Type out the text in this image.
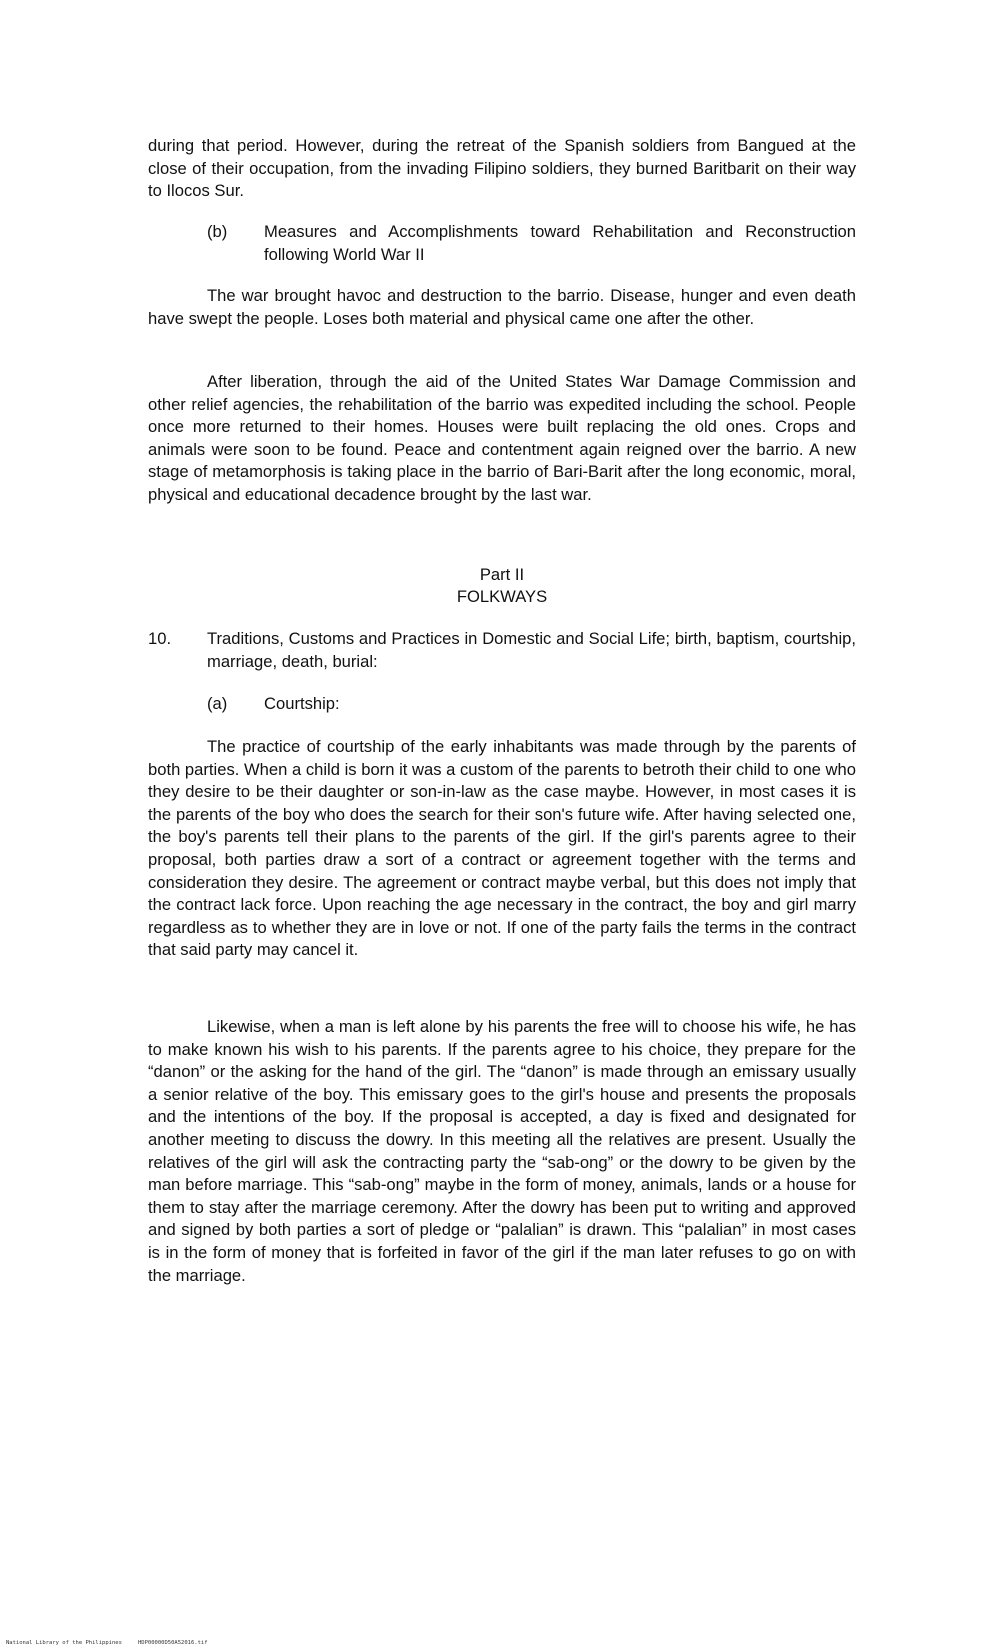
during that period. However, during the retreat of the Spanish soldiers from Bangued at the close of their occupation, from the invading Filipino soldiers, they burned Baritbarit on their way to Ilocos Sur.

(b)	Measures and Accomplishments toward Rehabilitation and Reconstruction following World War II

The war brought havoc and destruction to the barrio. Disease, hunger and even death have swept the people. Loses both material and physical came one after the other.

After liberation, through the aid of the United States War Damage Commission and other relief agencies, the rehabilitation of the barrio was expedited including the school. People once more returned to their homes. Houses were built replacing the old ones. Crops and animals were soon to be found. Peace and contentment again reigned over the barrio. A new stage of metamorphosis is taking place in the barrio of Bari-Barit after the long economic, moral, physical and educational decadence brought by the last war.

Part II
FOLKWAYS
10.	Traditions, Customs and Practices in Domestic and Social Life; birth, baptism, courtship, marriage, death, burial:
(a)	Courtship:

The practice of courtship of the early inhabitants was made through by the parents of both parties. When a child is born it was a custom of the parents to betroth their child to one who they desire to be their daughter or son-in-law as the case maybe. However, in most cases it is the parents of the boy who does the search for their son's future wife. After having selected one, the boy's parents tell their plans to the parents of the girl. If the girl's parents agree to their proposal, both parties draw a sort of a contract or agreement together with the terms and consideration they desire. The agreement or contract maybe verbal, but this does not imply that the contract lack force. Upon reaching the age necessary in the contract, the boy and girl marry regardless as to whether they are in love or not. If one of the party fails the terms in the contract that said party may cancel it.

Likewise, when a man is left alone by his parents the free will to choose his wife, he has to make known his wish to his parents. If the parents agree to his choice, they prepare for the “danon” or the asking for the hand of the girl. The “danon” is made through an emissary usually a senior relative of the boy. This emissary goes to the girl's house and presents the proposals and the intentions of the boy. If the proposal is accepted, a day is fixed and designated for another meeting to discuss the dowry. In this meeting all the relatives are present. Usually the relatives of the girl will ask the contracting party the “sab-ong” or the dowry to be given by the man before marriage. This “sab-ong” maybe in the form of money, animals, lands or a house for them to stay after the marriage ceremony. After the dowry has been put to writing and approved and signed by both parties a sort of pledge or “palalian” is drawn. This “palalian” in most cases is in the form of money that is forfeited in favor of the girl if the man later refuses to go on with the marriage.

National Library of the Philippines	HDP00000D50A52016.tif
